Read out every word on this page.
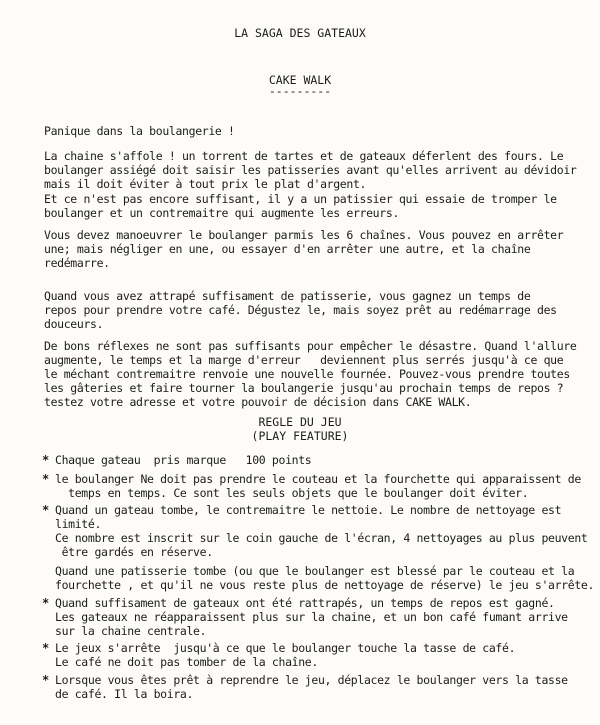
LA SAGA DES GATEAUX
CAKE WALK
---------
Panique dans la boulangerie !
La chaine s'affole ! un torrent de tartes et de gateaux déferlent des fours. Le
boulanger assiégé doit saisir les patisseries avant qu'elles arrivent au dévidoir
mais il doit éviter à tout prix le plat d'argent.
Et ce n'est pas encore suffisant, il y a un patissier qui essaie de tromper le
boulanger et un contremaitre qui augmente les erreurs.
Vous devez manoeuvrer le boulanger parmis les 6 chaînes. Vous pouvez en arrêter
une; mais négliger en une, ou essayer d'en arrêter une autre, et la chaîne
redémarre.
Quand vous avez attrapé suffisament de patisserie, vous gagnez un temps de
repos pour prendre votre café. Dégustez le, mais soyez prêt au redémarrage des
douceurs.
De bons réflexes ne sont pas suffisants pour empêcher le désastre. Quand l'allure
augmente, le temps et la marge d'erreur   deviennent plus serrés jusqu'à ce que
le méchant contremaitre renvoie une nouvelle fournée. Pouvez-vous prendre toutes
les gâteries et faire tourner la boulangerie jusqu'au prochain temps de repos ?
testez votre adresse et votre pouvoir de décision dans CAKE WALK.
REGLE DU JEU
(PLAY FEATURE)
* Chaque gateau  pris marque   100 points
* le boulanger Ne doit pas prendre le couteau et la fourchette qui apparaissent de
temps en temps. Ce sont les seuls objets que le boulanger doit éviter.
* Quand un gateau tombe, le contremaitre le nettoie. Le nombre de nettoyage est
limité.
Ce nombre est inscrit sur le coin gauche de l'écran, 4 nettoyages au plus peuvent
être gardés en réserve.
Quand une patisserie tombe (ou que le boulanger est blessé par le couteau et la
fourchette , et qu'il ne vous reste plus de nettoyage de réserve) le jeu s'arrête.
* Quand suffisament de gateaux ont été rattrapés, un temps de repos est gagné.
Les gateaux ne réapparaissent plus sur la chaine, et un bon café fumant arrive
sur la chaine centrale.
* Le jeux s'arrête  jusqu'à ce que le boulanger touche la tasse de café.
Le café ne doit pas tomber de la chaîne.
* Lorsque vous êtes prêt à reprendre le jeu, déplacez le boulanger vers la tasse
de café. Il la boira.
